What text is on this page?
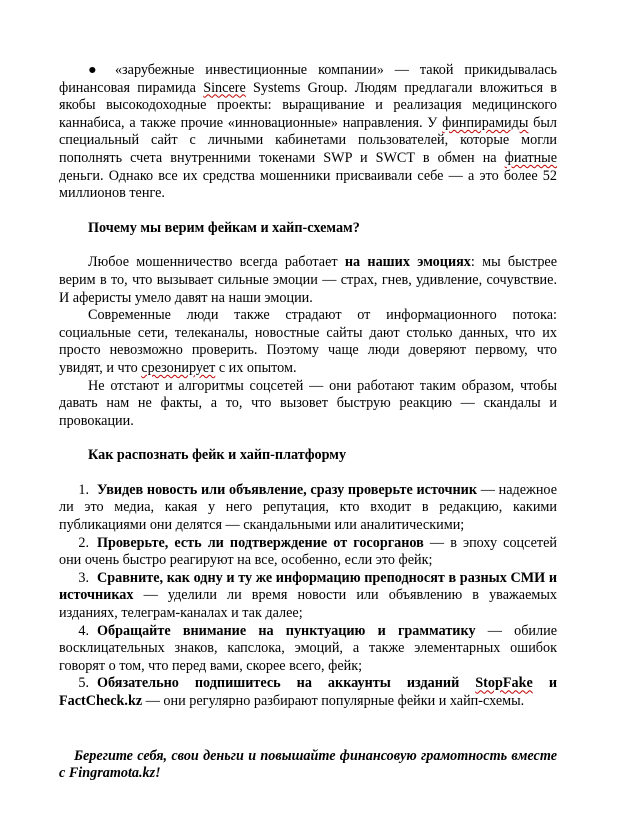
● «зарубежные инвестиционные компании» — такой прикидывалась финансовая пирамида Sincere Systems Group. Людям предлагали вложиться в якобы высокодоходные проекты: выращивание и реализация медицинского каннабиса, а также прочие «инновационные» направления. У финпирамиды был специальный сайт с личными кабинетами пользователей, которые могли пополнять счета внутренними токенами SWP и SWCT в обмен на фиатные деньги. Однако все их средства мошенники присваивали себе — а это более 52 миллионов тенге.

Почему мы верим фейкам и хайп-схемам?

Любое мошенничество всегда работает на наших эмоциях: мы быстрее верим в то, что вызывает сильные эмоции — страх, гнев, удивление, сочувствие. И аферисты умело давят на наши эмоции.

Современные люди также страдают от информационного потока: социальные сети, телеканалы, новостные сайты дают столько данных, что их просто невозможно проверить. Поэтому чаще люди доверяют первому, что увидят, и что срезонирует с их опытом.

Не отстают и алгоритмы соцсетей — они работают таким образом, чтобы давать нам не факты, а то, что вызовет быструю реакцию — скандалы и провокации.

Как распознать фейк и хайп-платформу

1. Увидев новость или объявление, сразу проверьте источник — надежное ли это медиа, какая у него репутация, кто входит в редакцию, какими публикациями они делятся — скандальными или аналитическими;
2. Проверьте, есть ли подтверждение от госорганов — в эпоху соцсетей они очень быстро реагируют на все, особенно, если это фейк;
3. Сравните, как одну и ту же информацию преподносят в разных СМИ и источниках — уделили ли время новости или объявлению в уважаемых изданиях, телеграм-каналах и так далее;
4. Обращайте внимание на пунктуацию и грамматику — обилие восклицательных знаков, капслока, эмоций, а также элементарных ошибок говорят о том, что перед вами, скорее всего, фейк;
5. Обязательно подпишитесь на аккаунты изданий StopFake и FactCheck.kz — они регулярно разбирают популярные фейки и хайп-схемы.

Берегите себя, свои деньги и повышайте финансовую грамотность вместе с Fingramota.kz!
